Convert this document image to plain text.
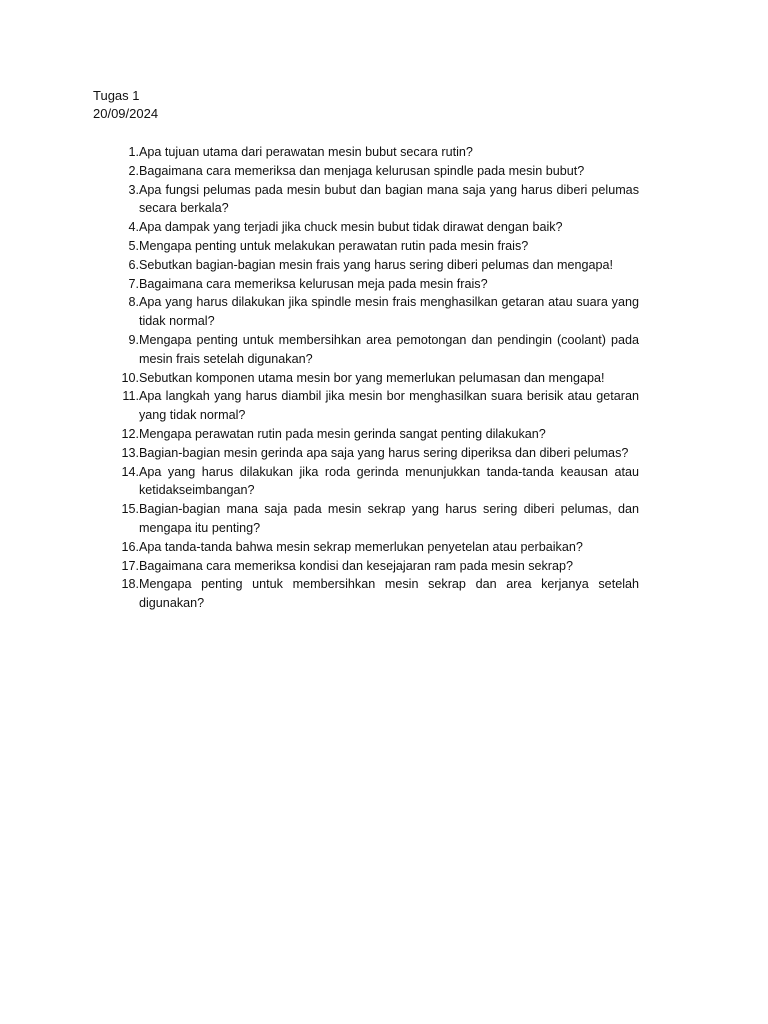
Tugas 1
20/09/2024
1. Apa tujuan utama dari perawatan mesin bubut secara rutin?
2. Bagaimana cara memeriksa dan menjaga kelurusan spindle pada mesin bubut?
3. Apa fungsi pelumas pada mesin bubut dan bagian mana saja yang harus diberi pelumas secara berkala?
4. Apa dampak yang terjadi jika chuck mesin bubut tidak dirawat dengan baik?
5. Mengapa penting untuk melakukan perawatan rutin pada mesin frais?
6. Sebutkan bagian-bagian mesin frais yang harus sering diberi pelumas dan mengapa!
7. Bagaimana cara memeriksa kelurusan meja pada mesin frais?
8. Apa yang harus dilakukan jika spindle mesin frais menghasilkan getaran atau suara yang tidak normal?
9. Mengapa penting untuk membersihkan area pemotongan dan pendingin (coolant) pada mesin frais setelah digunakan?
10. Sebutkan komponen utama mesin bor yang memerlukan pelumasan dan mengapa!
11. Apa langkah yang harus diambil jika mesin bor menghasilkan suara berisik atau getaran yang tidak normal?
12. Mengapa perawatan rutin pada mesin gerinda sangat penting dilakukan?
13. Bagian-bagian mesin gerinda apa saja yang harus sering diperiksa dan diberi pelumas?
14. Apa yang harus dilakukan jika roda gerinda menunjukkan tanda-tanda keausan atau ketidakseimbangan?
15. Bagian-bagian mana saja pada mesin sekrap yang harus sering diberi pelumas, dan mengapa itu penting?
16. Apa tanda-tanda bahwa mesin sekrap memerlukan penyetelan atau perbaikan?
17. Bagaimana cara memeriksa kondisi dan kesejajaran ram pada mesin sekrap?
18. Mengapa penting untuk membersihkan mesin sekrap dan area kerjanya setelah digunakan?
